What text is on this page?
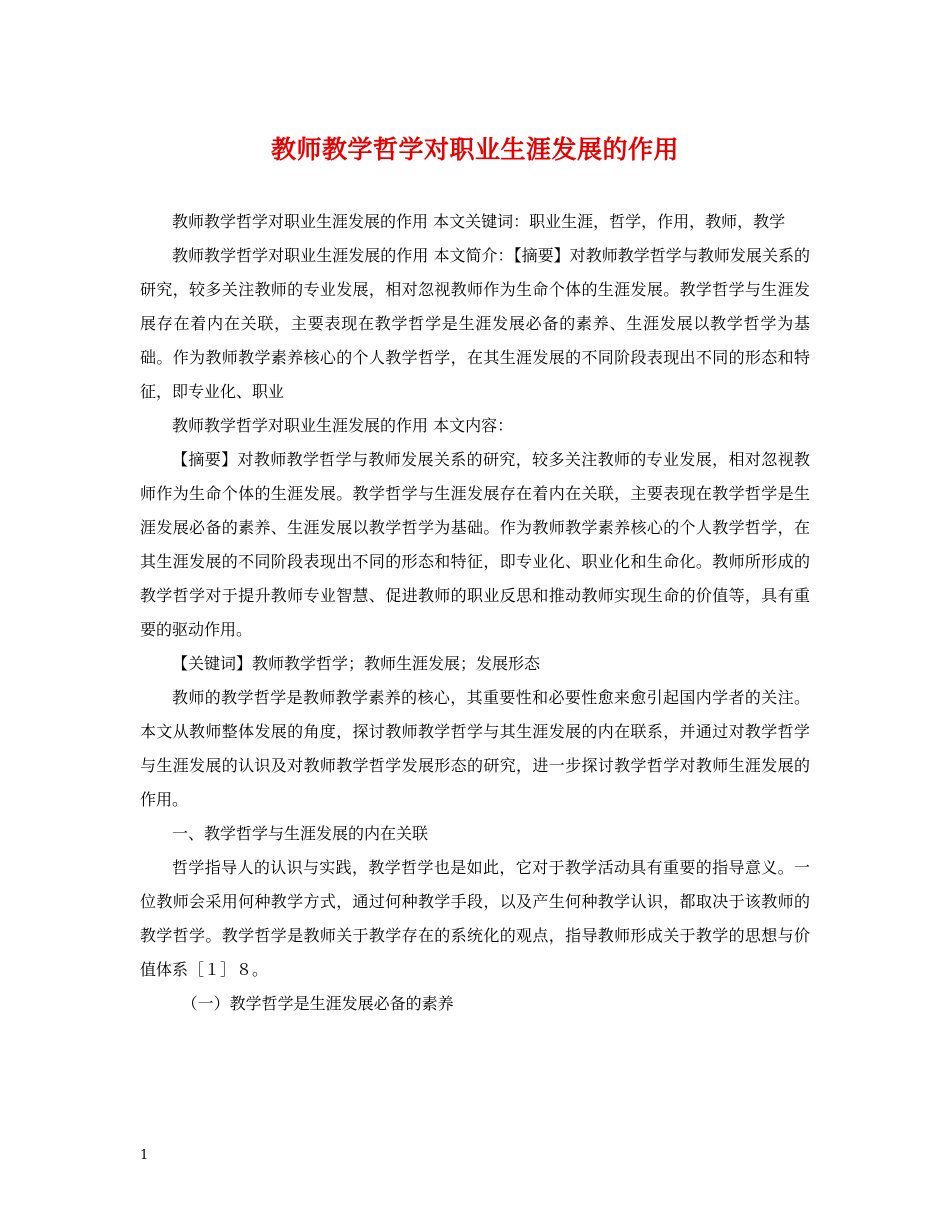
教师教学哲学对职业生涯发展的作用

教师教学哲学对职业生涯发展的作用 本文关键词：职业生涯，哲学，作用，教师，教学

教师教学哲学对职业生涯发展的作用 本文简介：【摘要】对教师教学哲学与教师发展关系的研究，较多关注教师的专业发展，相对忽视教师作为生命个体的生涯发展。教学哲学与生涯发展存在着内在关联，主要表现在教学哲学是生涯发展必备的素养、生涯发展以教学哲学为基础。作为教师教学素养核心的个人教学哲学，在其生涯发展的不同阶段表现出不同的形态和特征，即专业化、职业

教师教学哲学对职业生涯发展的作用 本文内容：

【摘要】对教师教学哲学与教师发展关系的研究，较多关注教师的专业发展，相对忽视教师作为生命个体的生涯发展。教学哲学与生涯发展存在着内在关联，主要表现在教学哲学是生涯发展必备的素养、生涯发展以教学哲学为基础。作为教师教学素养核心的个人教学哲学，在其生涯发展的不同阶段表现出不同的形态和特征，即专业化、职业化和生命化。教师所形成的教学哲学对于提升教师专业智慧、促进教师的职业反思和推动教师实现生命的价值等，具有重要的驱动作用。

【关键词】教师教学哲学；教师生涯发展；发展形态

教师的教学哲学是教师教学素养的核心，其重要性和必要性愈来愈引起国内学者的关注。本文从教师整体发展的角度，探讨教师教学哲学与其生涯发展的内在联系，并通过对教学哲学与生涯发展的认识及对教师教学哲学发展形态的研究，进一步探讨教学哲学对教师生涯发展的作用。

一、教学哲学与生涯发展的内在关联

哲学指导人的认识与实践，教学哲学也是如此，它对于教学活动具有重要的指导意义。一位教师会采用何种教学方式，通过何种教学手段，以及产生何种教学认识，都取决于该教师的教学哲学。教学哲学是教师关于教学存在的系统化的观点，指导教师形成关于教学的思想与价值体系［１］８。

（一）教学哲学是生涯发展必备的素养

1
